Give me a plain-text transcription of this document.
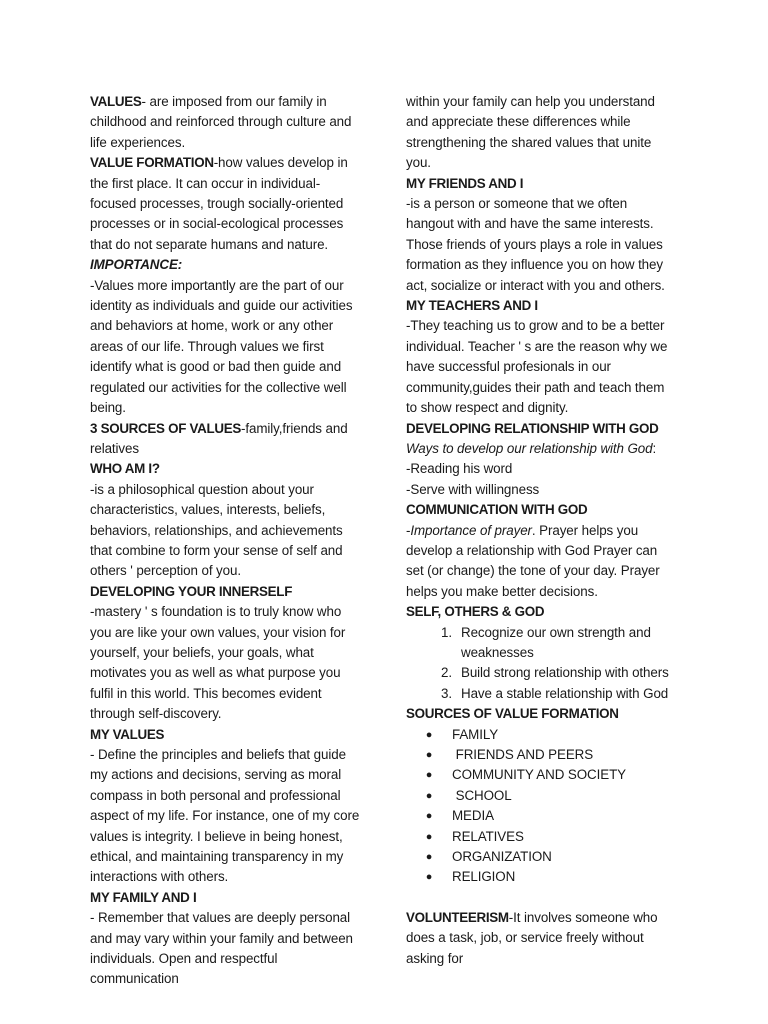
VALUES- are imposed from our family in childhood and reinforced through culture and life experiences.

VALUE FORMATION-how values develop in the first place. It can occur in individual-focused processes, trough socially-oriented processes or in social-ecological processes that do not separate humans and nature.

IMPORTANCE:

-Values more importantly are the part of our identity as individuals and guide our activities and behaviors at home, work or any other areas of our life. Through values we first identify what is good or bad then guide and regulated our activities for the collective well being.

3 SOURCES OF VALUES-family,friends and relatives

WHO AM I?

-is a philosophical question about your characteristics, values, interests, beliefs, behaviors, relationships, and achievements that combine to form your sense of self and others ' perception of you.

DEVELOPING YOUR INNERSELF

-mastery ' s foundation is to truly know who you are like your own values, your vision for yourself, your beliefs, your goals, what motivates you as well as what purpose you fulfil in this world. This becomes evident through self-discovery.

MY VALUES

- Define the principles and beliefs that guide my actions and decisions, serving as moral compass in both personal and professional aspect of my life. For instance, one of my core values is integrity. I believe in being honest, ethical, and maintaining transparency in my interactions with others.

MY FAMILY AND I

- Remember that values are deeply personal and may vary within your family and between individuals. Open and respectful communication

within your family can help you understand and appreciate these differences while strengthening the shared values that unite you.

MY FRIENDS AND I

-is a person or someone that we often hangout with and have the same interests. Those friends of yours plays a role in values formation as they influence you on how they act, socialize or interact with you and others.

MY TEACHERS AND I

-They teaching us to grow and to be a better individual. Teacher ' s are the reason why we have successful profesionals in our community,guides their path and teach them to show respect and dignity.

DEVELOPING RELATIONSHIP WITH GOD

Ways to develop our relationship with God:

-Reading his word

-Serve with willingness

COMMUNICATION WITH GOD

-Importance of prayer. Prayer helps you develop a relationship with God Prayer can set (or change) the tone of your day. Prayer helps you make better decisions.

SELF, OTHERS & GOD

1. Recognize our own strength and weaknesses
2. Build strong relationship with others
3. Have a stable relationship with God

SOURCES OF VALUE FORMATION

●	FAMILY
●	FRIENDS AND PEERS
●	COMMUNITY AND SOCIETY
●	SCHOOL
●	MEDIA
●	RELATIVES
●	ORGANIZATION
●	RELIGION

VOLUNTEERISM-It involves someone who does a task, job, or service freely without asking for
